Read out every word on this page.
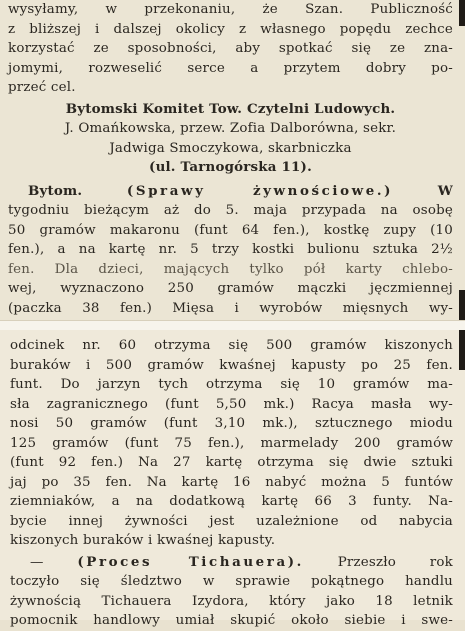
wysyłamy, w przekonaniu, że Szan. Publiczność
z bliższej i dalszej okolicy z własnego popędu zechce
korzystać ze sposobności, aby spotkać się ze zna-
jomymi, rozweselić serce a przytem dobry po-
przeć cel.
Bytomski Komitet Tow. Czytelni Ludowych.
J. Omańkowska, przew. Zofia Dalborówna, sekr.
Jadwiga Smoczykowa, skarbniczka
(ul. Tarnogórska 11).
Bytom.	(Sprawy żywnościowe.)	W
tygodniu bieżącym aż do 5. maja przypada na osobę
50 gramów makaronu (funt 64 fen.), kostkę zupy (10
fen.), a na kartę nr. 5 trzy kostki bulionu sztuka 2½
fen. Dla dzieci, mających tylko pół karty chlebo-
wej, wyznaczono 250 gramów mączki jęczmiennej
(paczka 38 fen.) Mięsa i wyrobów mięsnych wy-
odcinek nr. 60 otrzyma się 500 gramów kiszonych
buraków i 500 gramów kwaśnej kapusty po 25 fen.
funt. Do jarzyn tych otrzyma się 10 gramów ma-
sła zagranicznego (funt 5,50 mk.) Racya masła wy-
nosi 50 gramów (funt 3,10 mk.), sztucznego miodu
125 gramów (funt 75 fen.), marmelady 200 gramów
(funt 92 fen.) Na 27 kartę otrzyma się dwie sztuki
jaj po 35 fen. Na kartę 16 nabyć można 5 funtów
ziemniaków, a na dodatkową kartę 66 3 funty. Na-
bycie innej żywności jest uzależnione od nabycia
kiszonych buraków i kwaśnej kapusty.
—	(Proces Tichauera).	Przeszło rok
toczyło się śledztwo w sprawie pokątnego handlu
żywnością Tichauera Izydora, który jako 18 letnik
pomocnik handlowy umiał skupić około siebie i swe-
